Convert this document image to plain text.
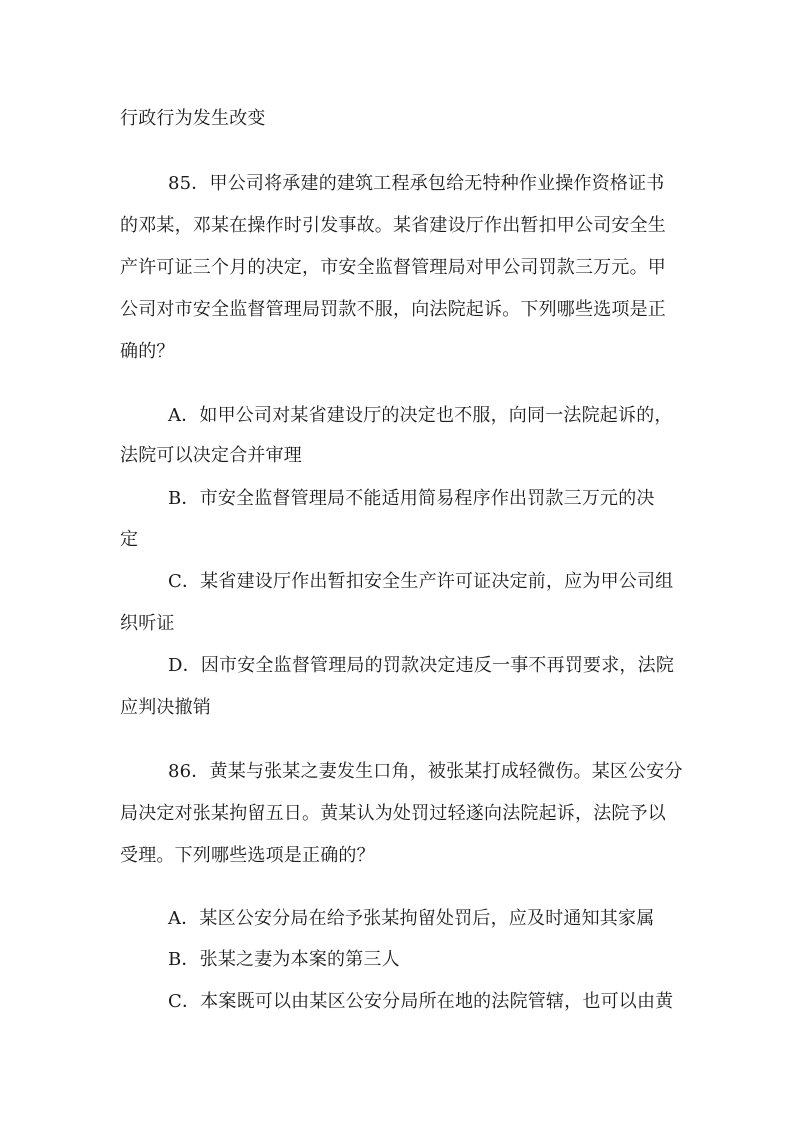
行政行为发生改变
85．甲公司将承建的建筑工程承包给无特种作业操作资格证书
的邓某，邓某在操作时引发事故。某省建设厅作出暂扣甲公司安全生
产许可证三个月的决定，市安全监督管理局对甲公司罚款三万元。甲
公司对市安全监督管理局罚款不服，向法院起诉。下列哪些选项是正
确的？
A．如甲公司对某省建设厅的决定也不服，向同一法院起诉的，
法院可以决定合并审理
B．市安全监督管理局不能适用简易程序作出罚款三万元的决
定
C．某省建设厅作出暂扣安全生产许可证决定前，应为甲公司组
织听证
D．因市安全监督管理局的罚款决定违反一事不再罚要求，法院
应判决撤销
86．黄某与张某之妻发生口角，被张某打成轻微伤。某区公安分
局决定对张某拘留五日。黄某认为处罚过轻遂向法院起诉，法院予以
受理。下列哪些选项是正确的？
A．某区公安分局在给予张某拘留处罚后，应及时通知其家属
B．张某之妻为本案的第三人
C．本案既可以由某区公安分局所在地的法院管辖，也可以由黄
